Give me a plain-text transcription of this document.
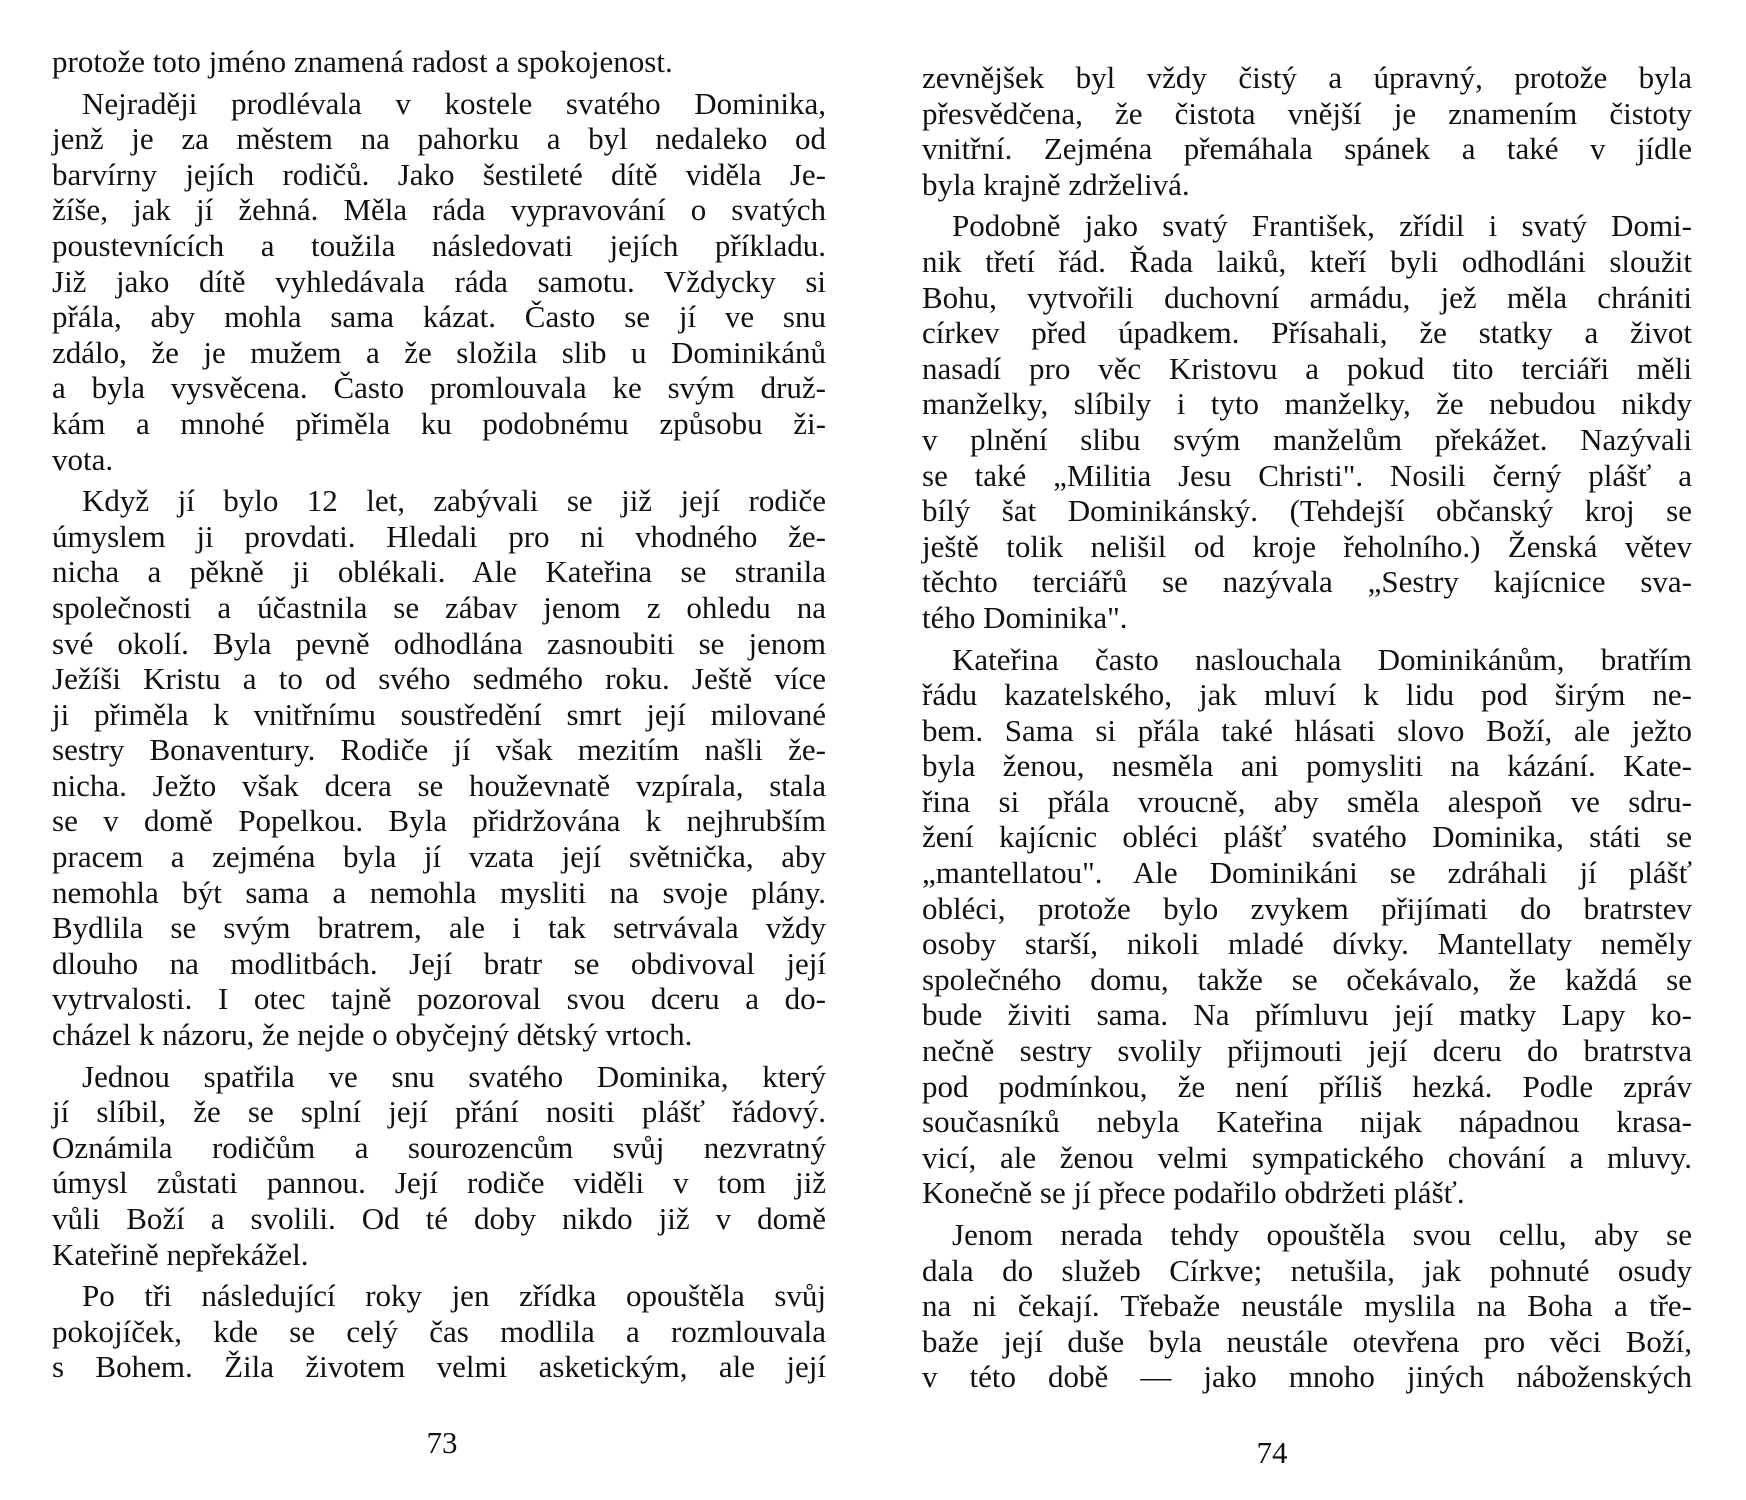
protože toto jméno znamená radost a spokojenost.
Nejraději prodlévala v kostele svatého Dominika,
jenž je za městem na pahorku a byl nedaleko od
barvírny jejích rodičů. Jako šestileté dítě viděla Je-
žíše, jak jí žehná. Měla ráda vypravování o svatých
poustevnících a toužila následovati jejích příkladu.
Již jako dítě vyhledávala ráda samotu. Vždycky si
přála, aby mohla sama kázat. Často se jí ve snu
zdálo, že je mužem a že složila slib u Dominikánů
a byla vysvěcena. Často promlouvala ke svým druž-
kám a mnohé přiměla ku podobnému způsobu ži-
vota.
Když jí bylo 12 let, zabývali se již její rodiče
úmyslem ji provdati. Hledali pro ni vhodného že-
nicha a pěkně ji oblékali. Ale Kateřina se stranila
společnosti a účastnila se zábav jenom z ohledu na
své okolí. Byla pevně odhodlána zasnoubiti se jenom
Ježíši Kristu a to od svého sedmého roku. Ještě více
ji přiměla k vnitřnímu soustředění smrt její milované
sestry Bonaventury. Rodiče jí však mezitím našli že-
nicha. Ježto však dcera se houževnatě vzpírala, stala
se v domě Popelkou. Byla přidržována k nejhrubším
pracem a zejména byla jí vzata její světnička, aby
nemohla být sama a nemohla mysliti na svoje plány.
Bydlila se svým bratrem, ale i tak setrvávala vždy
dlouho na modlitbách. Její bratr se obdivoval její
vytrvalosti. I otec tajně pozoroval svou dceru a do-
cházel k názoru, že nejde o obyčejný dětský vrtoch.
Jednou spatřila ve snu svatého Dominika, který
jí slíbil, že se splní její přání nositi plášť řádový.
Oznámila rodičům a sourozencům svůj nezvratný
úmysl zůstati pannou. Její rodiče viděli v tom již
vůli Boží a svolili. Od té doby nikdo již v domě
Kateřině nepřekážel.
Po tři následující roky jen zřídka opouštěla svůj
pokojíček, kde se celý čas modlila a rozmlouvala
s Bohem. Žila životem velmi asketickým, ale její
73
zevnějšek byl vždy čistý a úpravný, protože byla
přesvědčena, že čistota vnější je znamením čistoty
vnitřní. Zejména přemáhala spánek a také v jídle
byla krajně zdrželivá.
Podobně jako svatý František, zřídil i svatý Domi-
nik třetí řád. Řada laiků, kteří byli odhodláni sloužit
Bohu, vytvořili duchovní armádu, jež měla chrániti
církev před úpadkem. Přísahali, že statky a život
nasadí pro věc Kristovu a pokud tito terciáři měli
manželky, slíbily i tyto manželky, že nebudou nikdy
v plnění slibu svým manželům překážet. Nazývali
se také „Militia Jesu Christi". Nosili černý plášť a
bílý šat Dominikánský. (Tehdejší občanský kroj se
ještě tolik nelišil od kroje řeholního.) Ženská větev
těchto terciářů se nazývala „Sestry kajícnice sva-
tého Dominika".
Kateřina často naslouchala Dominikánům, bratřím
řádu kazatelského, jak mluví k lidu pod širým ne-
bem. Sama si přála také hlásati slovo Boží, ale ježto
byla ženou, nesměla ani pomysliti na kázání. Kate-
řina si přála vroucně, aby směla alespoň ve sdru-
žení kajícnic obléci plášť svatého Dominika, státi se
„mantellatou". Ale Dominikáni se zdráhali jí plášť
obléci, protože bylo zvykem přijímati do bratrstev
osoby starší, nikoli mladé dívky. Mantellaty neměly
společného domu, takže se očekávalo, že každá se
bude živiti sama. Na přímluvu její matky Lapy ko-
nečně sestry svolily přijmouti její dceru do bratrstva
pod podmínkou, že není příliš hezká. Podle zpráv
současníků nebyla Kateřina nijak nápadnou krasa-
vicí, ale ženou velmi sympatického chování a mluvy.
Konečně se jí přece podařilo obdržeti plášť.
Jenom nerada tehdy opouštěla svou cellu, aby se
dala do služeb Církve; netušila, jak pohnuté osudy
na ni čekají. Třebaže neustále myslila na Boha a tře-
baže její duše byla neustále otevřena pro věci Boží,
v této době — jako mnoho jiných náboženských
74
